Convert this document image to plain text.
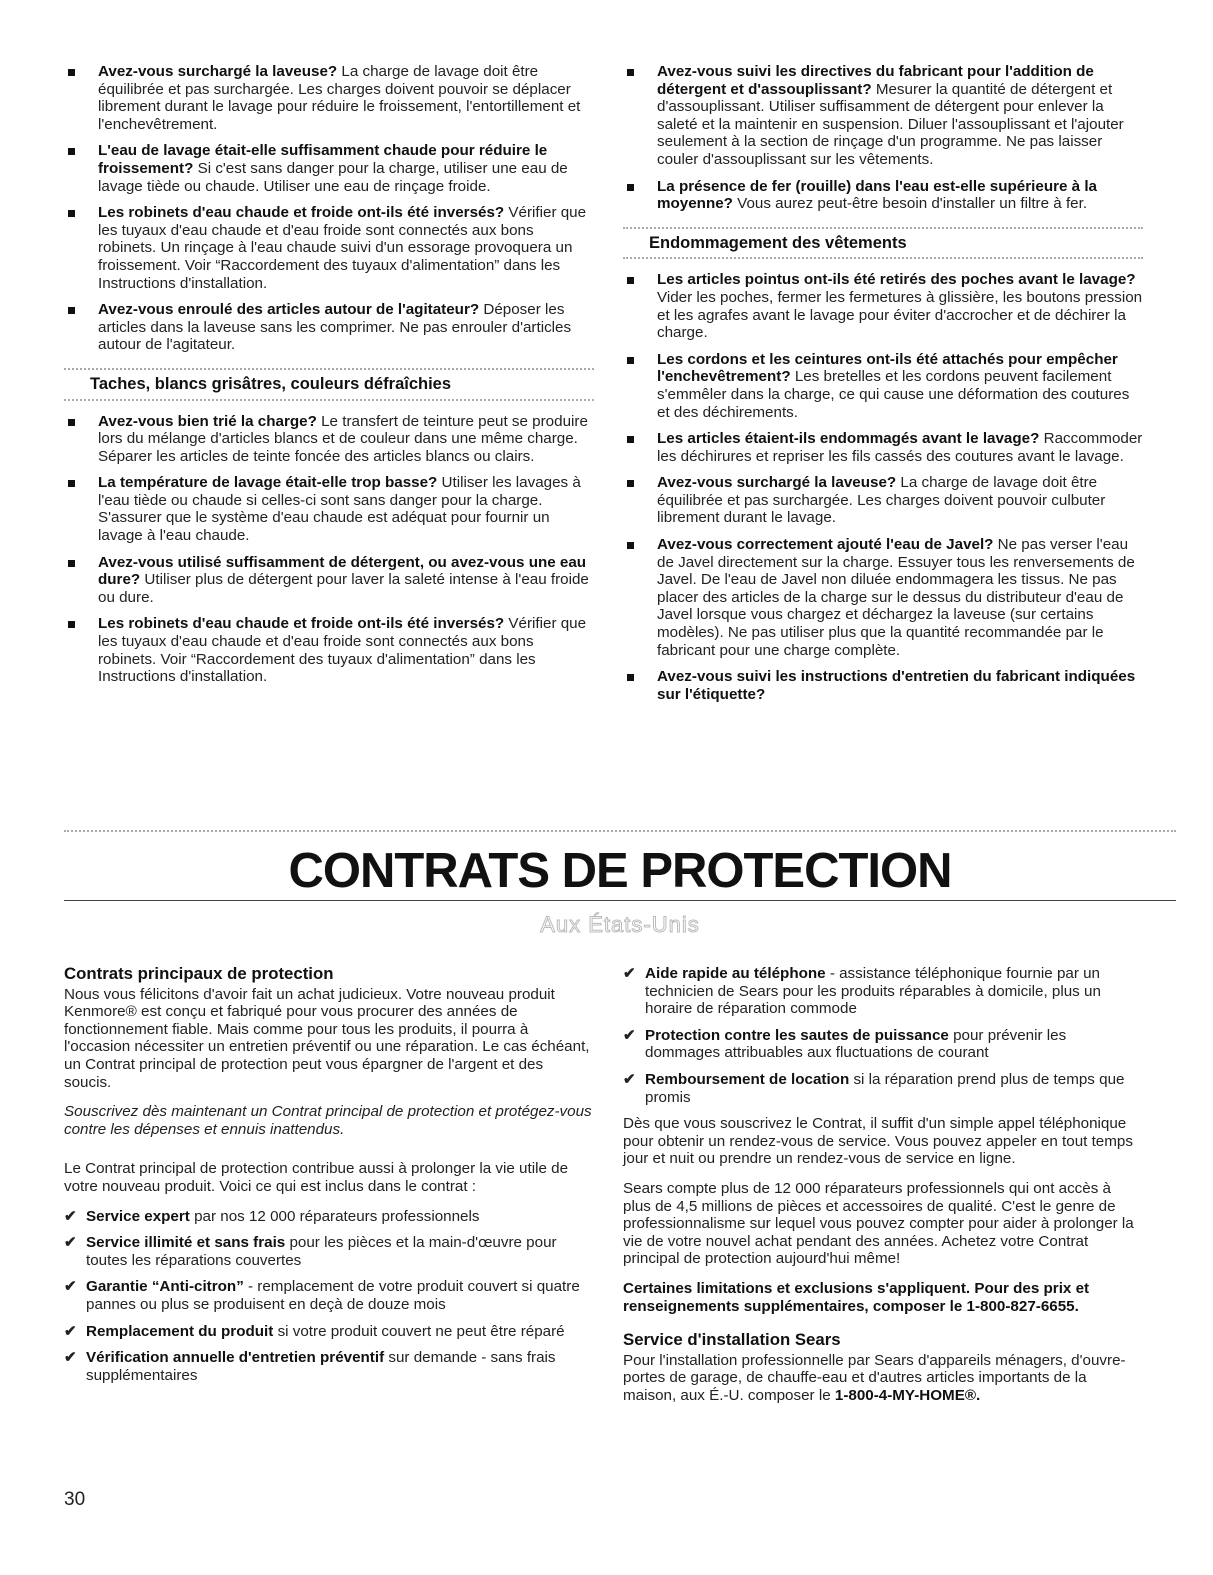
Avez-vous surchargé la laveuse? La charge de lavage doit être équilibrée et pas surchargée. Les charges doivent pouvoir se déplacer librement durant le lavage pour réduire le froissement, l'entortillement et l'enchevêtrement.
L'eau de lavage était-elle suffisamment chaude pour réduire le froissement? Si c'est sans danger pour la charge, utiliser une eau de lavage tiède ou chaude. Utiliser une eau de rinçage froide.
Les robinets d'eau chaude et froide ont-ils été inversés? Vérifier que les tuyaux d'eau chaude et d'eau froide sont connectés aux bons robinets. Un rinçage à l'eau chaude suivi d'un essorage provoquera un froissement. Voir “Raccordement des tuyaux d'alimentation” dans les Instructions d'installation.
Avez-vous enroulé des articles autour de l'agitateur? Déposer les articles dans la laveuse sans les comprimer. Ne pas enrouler d'articles autour de l'agitateur.
Taches, blancs grisâtres, couleurs défraîchies
Avez-vous bien trié la charge? Le transfert de teinture peut se produire lors du mélange d'articles blancs et de couleur dans une même charge. Séparer les articles de teinte foncée des articles blancs ou clairs.
La température de lavage était-elle trop basse? Utiliser les lavages à l'eau tiède ou chaude si celles-ci sont sans danger pour la charge. S'assurer que le système d'eau chaude est adéquat pour fournir un lavage à l'eau chaude.
Avez-vous utilisé suffisamment de détergent, ou avez-vous une eau dure? Utiliser plus de détergent pour laver la saleté intense à l'eau froide ou dure.
Les robinets d'eau chaude et froide ont-ils été inversés? Vérifier que les tuyaux d'eau chaude et d'eau froide sont connectés aux bons robinets. Voir “Raccordement des tuyaux d'alimentation” dans les Instructions d'installation.
Avez-vous suivi les directives du fabricant pour l'addition de détergent et d'assouplissant? Mesurer la quantité de détergent et d'assouplissant. Utiliser suffisamment de détergent pour enlever la saleté et la maintenir en suspension. Diluer l'assouplissant et l'ajouter seulement à la section de rinçage d'un programme. Ne pas laisser couler d'assouplissant sur les vêtements.
La présence de fer (rouille) dans l'eau est-elle supérieure à la moyenne? Vous aurez peut-être besoin d'installer un filtre à fer.
Endommagement des vêtements
Les articles pointus ont-ils été retirés des poches avant le lavage? Vider les poches, fermer les fermetures à glissière, les boutons pression et les agrafes avant le lavage pour éviter d'accrocher et de déchirer la charge.
Les cordons et les ceintures ont-ils été attachés pour empêcher l'enchevêtrement? Les bretelles et les cordons peuvent facilement s'emmêler dans la charge, ce qui cause une déformation des coutures et des déchirements.
Les articles étaient-ils endommagés avant le lavage? Raccommoder les déchirures et repriser les fils cassés des coutures avant le lavage.
Avez-vous surchargé la laveuse? La charge de lavage doit être équilibrée et pas surchargée. Les charges doivent pouvoir culbuter librement durant le lavage.
Avez-vous correctement ajouté l'eau de Javel? Ne pas verser l'eau de Javel directement sur la charge. Essuyer tous les renversements de Javel. De l'eau de Javel non diluée endommagera les tissus. Ne pas placer des articles de la charge sur le dessus du distributeur d'eau de Javel lorsque vous chargez et déchargez la laveuse (sur certains modèles). Ne pas utiliser plus que la quantité recommandée par le fabricant pour une charge complète.
Avez-vous suivi les instructions d'entretien du fabricant indiquées sur l'étiquette?
CONTRATS DE PROTECTION
Aux États-Unis
Contrats principaux de protection
Nous vous félicitons d'avoir fait un achat judicieux. Votre nouveau produit Kenmore® est conçu et fabriqué pour vous procurer des années de fonctionnement fiable. Mais comme pour tous les produits, il pourra à l'occasion nécessiter un entretien préventif ou une réparation. Le cas échéant, un Contrat principal de protection peut vous épargner de l'argent et des soucis.
Souscrivez dès maintenant un Contrat principal de protection et protégez-vous contre les dépenses et ennuis inattendus.
Le Contrat principal de protection contribue aussi à prolonger la vie utile de votre nouveau produit. Voici ce qui est inclus dans le contrat :
✔ Service expert par nos 12 000 réparateurs professionnels
✔ Service illimité et sans frais pour les pièces et la main-d'œuvre pour toutes les réparations couvertes
✔ Garantie “Anti-citron” - remplacement de votre produit couvert si quatre pannes ou plus se produisent en deçà de douze mois
✔ Remplacement du produit si votre produit couvert ne peut être réparé
✔ Vérification annuelle d'entretien préventif sur demande - sans frais supplémentaires
✔ Aide rapide au téléphone - assistance téléphonique fournie par un technicien de Sears pour les produits réparables à domicile, plus un horaire de réparation commode
✔ Protection contre les sautes de puissance pour prévenir les dommages attribuables aux fluctuations de courant
✔ Remboursement de location si la réparation prend plus de temps que promis
Dès que vous souscrivez le Contrat, il suffit d'un simple appel téléphonique pour obtenir un rendez-vous de service. Vous pouvez appeler en tout temps jour et nuit ou prendre un rendez-vous de service en ligne.
Sears compte plus de 12 000 réparateurs professionnels qui ont accès à plus de 4,5 millions de pièces et accessoires de qualité. C'est le genre de professionnalisme sur lequel vous pouvez compter pour aider à prolonger la vie de votre nouvel achat pendant des années. Achetez votre Contrat principal de protection aujourd'hui même!
Certaines limitations et exclusions s'appliquent. Pour des prix et renseignements supplémentaires, composer le 1-800-827-6655.
Service d'installation Sears
Pour l'installation professionnelle par Sears d'appareils ménagers, d'ouvre-portes de garage, de chauffe-eau et d'autres articles importants de la maison, aux É.-U. composer le 1-800-4-MY-HOME®.
30
